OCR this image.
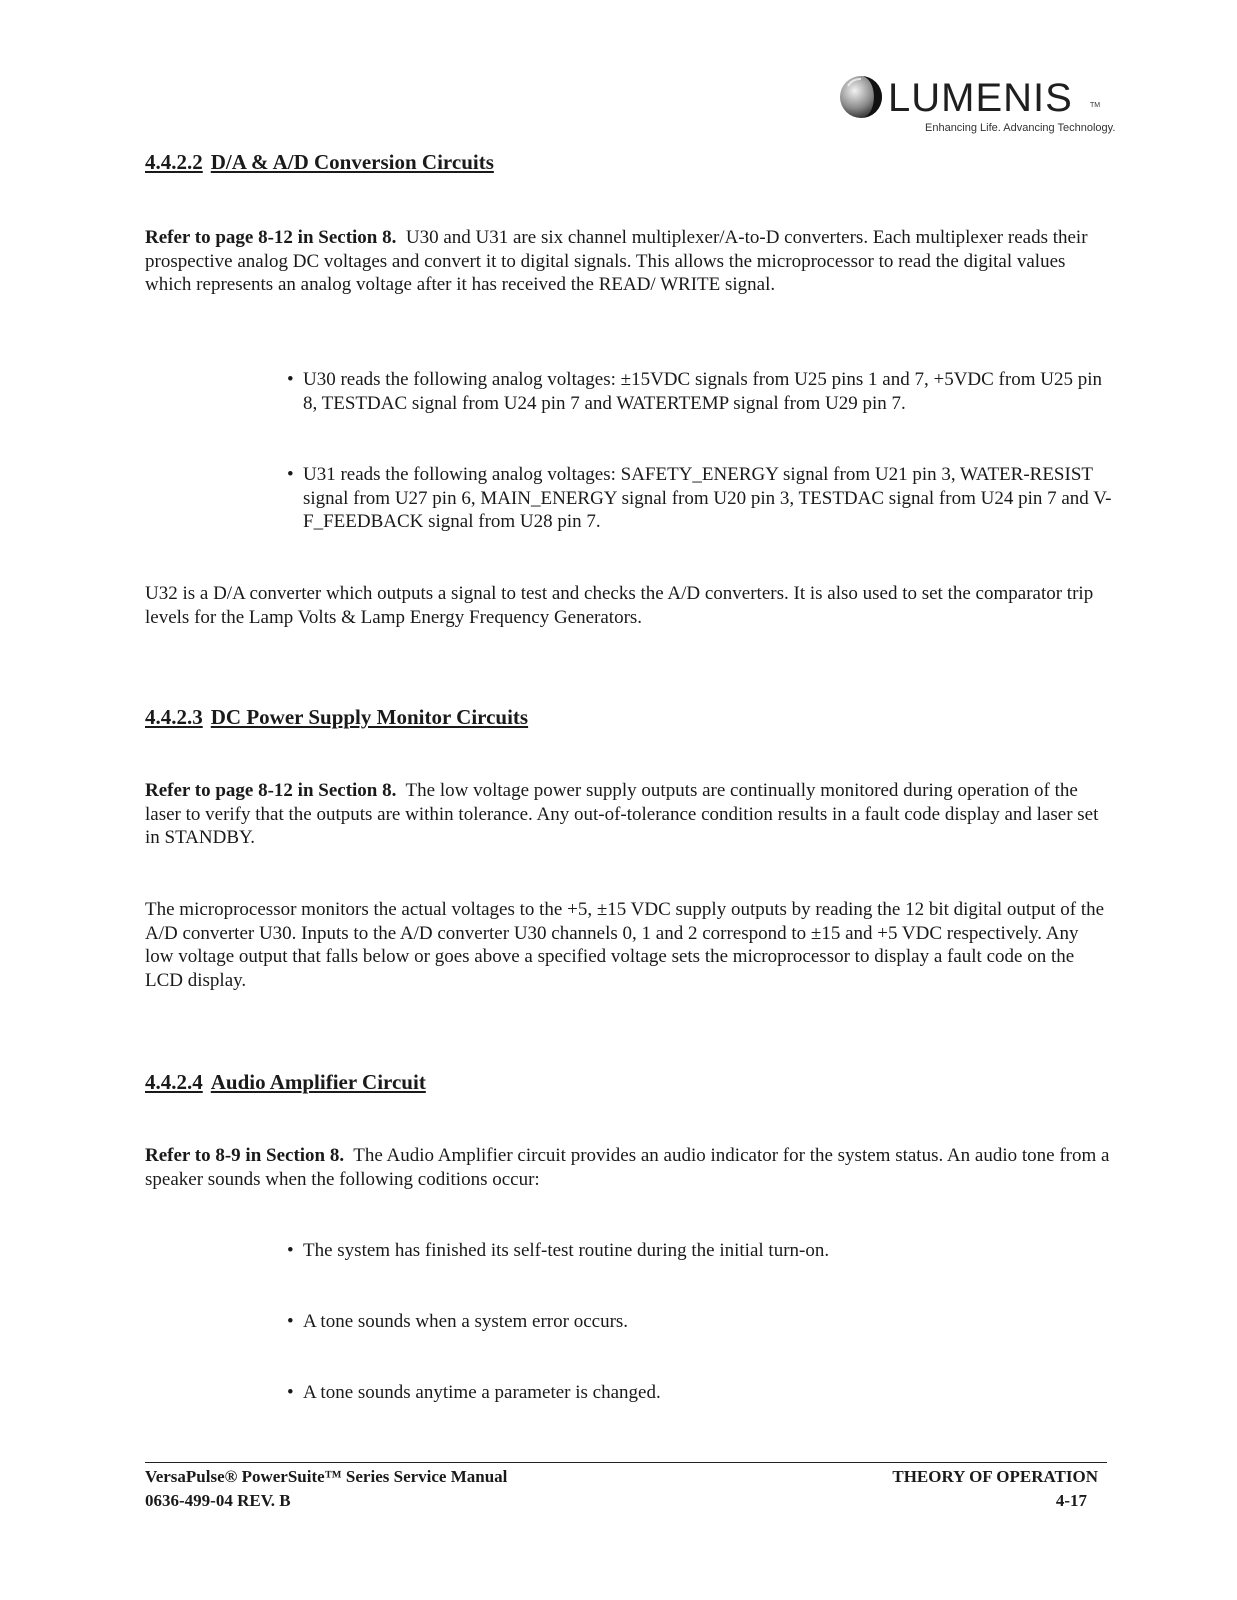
LUMENIS TM
Enhancing Life. Advancing Technology.
4.4.2.2 D/A & A/D Conversion Circuits
Refer to page 8-12 in Section 8. U30 and U31 are six channel multiplexer/A-to-D converters. Each multiplexer reads their prospective analog DC voltages and convert it to digital signals. This allows the microprocessor to read the digital values which represents an analog voltage after it has received the READ/ WRITE signal.
• U30 reads the following analog voltages: ±15VDC signals from U25 pins 1 and 7, +5VDC from U25 pin 8, TESTDAC signal from U24 pin 7 and WATERTEMP signal from U29 pin 7.
• U31 reads the following analog voltages: SAFETY_ENERGY signal from U21 pin 3, WATER-RESIST signal from U27 pin 6, MAIN_ENERGY signal from U20 pin 3, TESTDAC signal from U24 pin 7 and V-F_FEEDBACK signal from U28 pin 7.
U32 is a D/A converter which outputs a signal to test and checks the A/D converters. It is also used to set the comparator trip levels for the Lamp Volts & Lamp Energy Frequency Generators.
4.4.2.3 DC Power Supply Monitor Circuits
Refer to page 8-12 in Section 8. The low voltage power supply outputs are continually monitored during operation of the laser to verify that the outputs are within tolerance. Any out-of-tolerance condition results in a fault code display and laser set in STANDBY.
The microprocessor monitors the actual voltages to the +5, ±15 VDC supply outputs by reading the 12 bit digital output of the A/D converter U30. Inputs to the A/D converter U30 channels 0, 1 and 2 correspond to ±15 and +5 VDC respectively. Any low voltage output that falls below or goes above a specified voltage sets the microprocessor to display a fault code on the LCD display.
4.4.2.4 Audio Amplifier Circuit
Refer to 8-9 in Section 8. The Audio Amplifier circuit provides an audio indicator for the system status. An audio tone from a speaker sounds when the following coditions occur:
• The system has finished its self-test routine during the initial turn-on.
• A tone sounds when a system error occurs.
• A tone sounds anytime a parameter is changed.
VersaPulse® PowerSuite™ Series Service Manual
0636-499-04 REV. B
THEORY OF OPERATION
4-17
